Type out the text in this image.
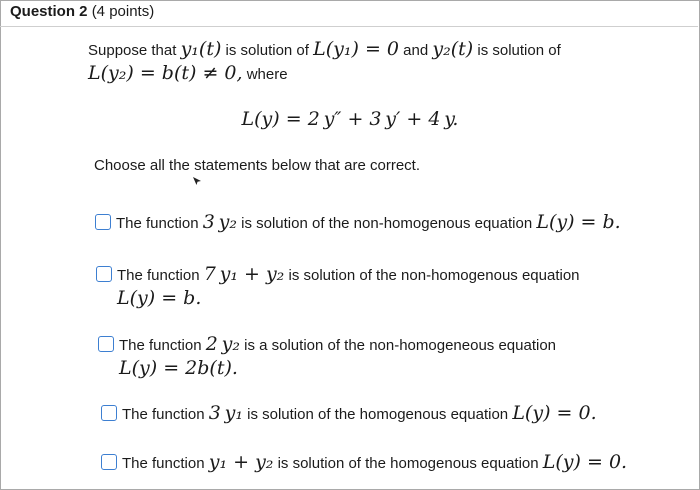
Question 2 (4 points)
Suppose that y₁(t) is solution of L(y₁) = 0 and y₂(t) is solution of
L(y₂) = b(t) ≠ 0, where
L(y) = 2 y″ + 3 y′ + 4 y.
Choose all the statements below that are correct.
The function 3 y₂ is solution of the non-homogenous equation L(y) = b.
The function 7 y₁ + y₂ is solution of the non-homogenous equation
L(y) = b.
The function 2 y₂ is a solution of the non-homogeneous equation
L(y) = 2b(t).
The function 3 y₁ is solution of the homogenous equation L(y) = 0.
The function y₁ + y₂ is solution of the homogenous equation L(y) = 0.
